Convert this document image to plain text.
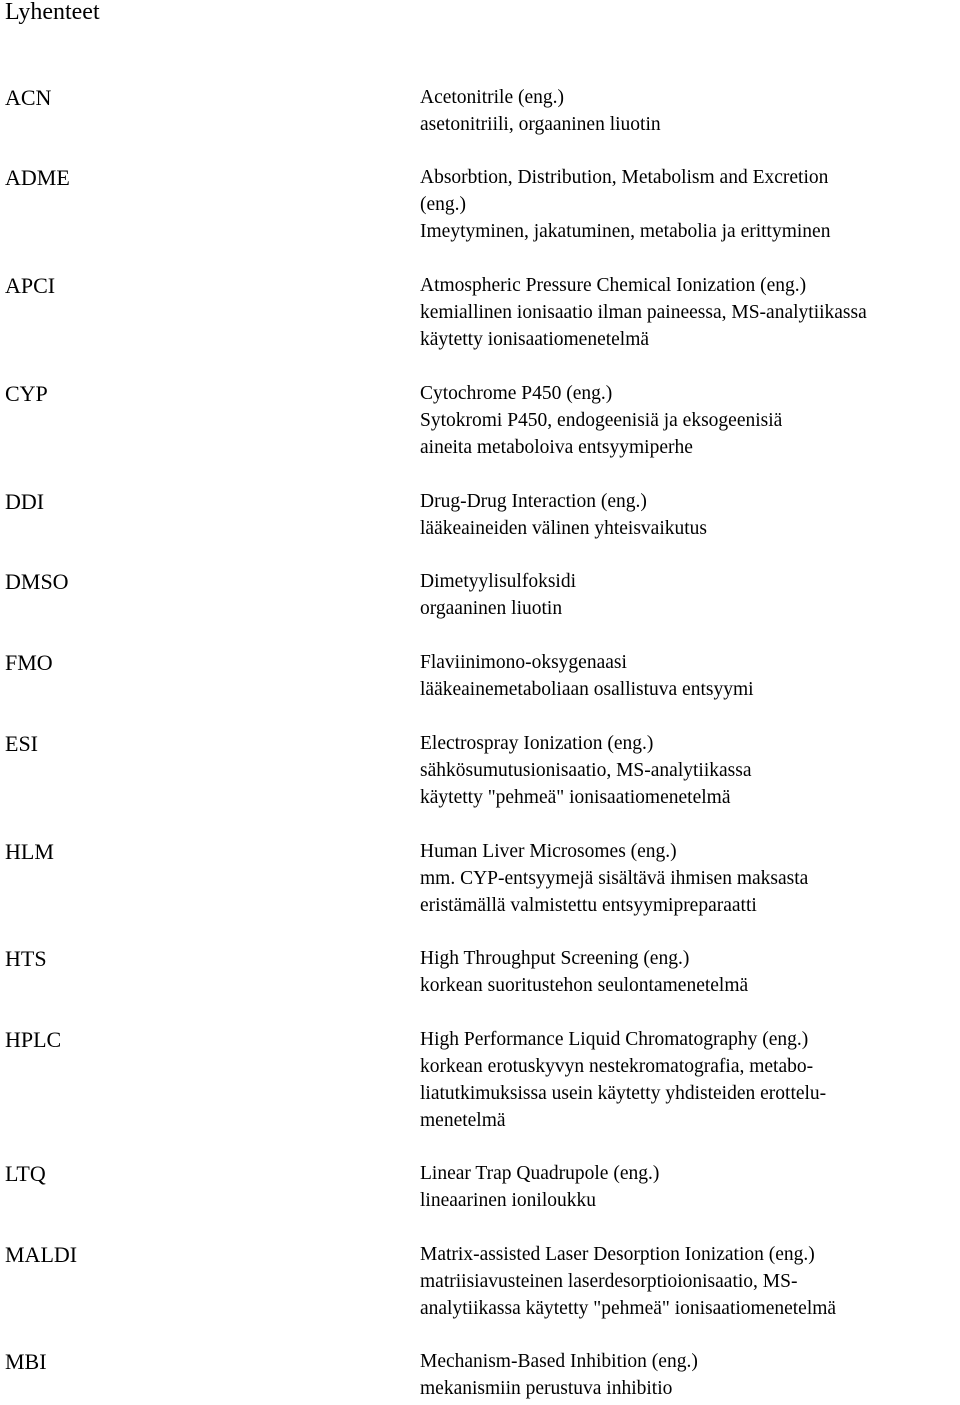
Lyhenteet
ACN	Acetonitrile (eng.)
asetonitriili, orgaaninen liuotin
ADME	Absorbtion, Distribution, Metabolism and Excretion
(eng.)
Imeytyminen, jakatuminen, metabolia ja erittyminen
APCI	Atmospheric Pressure Chemical Ionization (eng.)
kemiallinen ionisaatio ilman paineessa, MS-analytiikassa
käytetty ionisaatiomenetelmä
CYP	Cytochrome P450 (eng.)
Sytokromi P450, endogeenisiä ja eksogeenisiä
aineita metaboloiva entsyymiperhe
DDI	Drug-Drug Interaction (eng.)
lääkeaineiden välinen yhteisvaikutus
DMSO	Dimetyylisulfoksidi
orgaaninen liuotin
FMO	Flaviinimono-oksygenaasi
lääkeainemetaboliaan osallistuva entsyymi
ESI	Electrospray Ionization (eng.)
sähkösumutusionisaatio, MS-analytiikassa
käytetty "pehmeä" ionisaatiomenetelmä
HLM	Human Liver Microsomes (eng.)
mm. CYP-entsyymejä sisältävä ihmisen maksasta
eristämällä valmistettu entsyymipreparaatti
HTS	High Throughput Screening (eng.)
korkean suoritustehon seulontamenetelmä
HPLC	High Performance Liquid Chromatography (eng.)
korkean erotuskyvyn nestekromatografia, metabo-
liatutkimuksissa usein käytetty yhdisteiden erottelu-
menetelmä
LTQ	Linear Trap Quadrupole (eng.)
lineaarinen ioniloukku
MALDI	Matrix-assisted Laser Desorption Ionization (eng.)
matriisiavusteinen laserdesorptioionisaatio, MS-
analytiikassa käytetty "pehmeä" ionisaatiomenetelmä
MBI	Mechanism-Based Inhibition (eng.)
mekanismiin perustuva inhibitio
